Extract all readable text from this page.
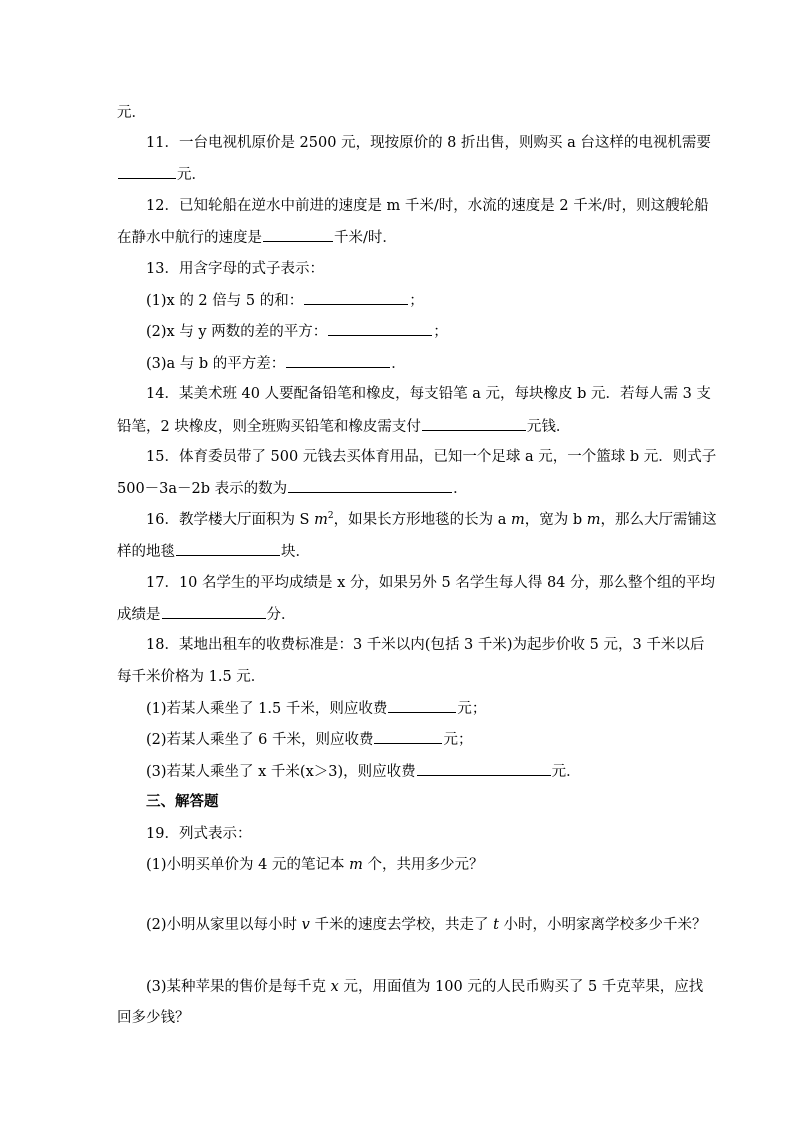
元．
11．一台电视机原价是 2500 元，现按原价的 8 折出售，则购买 a 台这样的电视机需要
元．
12．已知轮船在逆水中前进的速度是 m 千米/时，水流的速度是 2 千米/时，则这艘轮船
在静水中航行的速度是	千米/时．
13．用含字母的式子表示：
(1)x 的 2 倍与 5 的和：	；
(2)x 与 y 两数的差的平方：	；
(3)a 与 b 的平方差：	．
14．某美术班 40 人要配备铅笔和橡皮，每支铅笔 a 元，每块橡皮 b 元．若每人需 3 支
铅笔，2 块橡皮，则全班购买铅笔和橡皮需支付	元钱．
15．体育委员带了 500 元钱去买体育用品，已知一个足球 a 元，一个篮球 b 元．则式子
500－3a－2b 表示的数为	．
16．教学楼大厅面积为 S $m^2$，如果长方形地毯的长为 a m，宽为 b m，那么大厅需铺这
样的地毯	块．
17．10 名学生的平均成绩是 x 分，如果另外 5 名学生每人得 84 分，那么整个组的平均
成绩是	分．
18．某地出租车的收费标准是：3 千米以内(包括 3 千米)为起步价收 5 元，3 千米以后
每千米价格为 1.5 元．
(1)若某人乘坐了 1.5 千米，则应收费	元；
(2)若某人乘坐了 6 千米，则应收费	元；
(3)若某人乘坐了 x 千米(x＞3)，则应收费	元．
三、解答题
19．列式表示：
(1)小明买单价为 4 元的笔记本 m 个，共用多少元？
(2)小明从家里以每小时 v 千米的速度去学校，共走了 t 小时，小明家离学校多少千米？
(3)某种苹果的售价是每千克 x 元，用面值为 100 元的人民币购买了 5 千克苹果，应找
回多少钱？
